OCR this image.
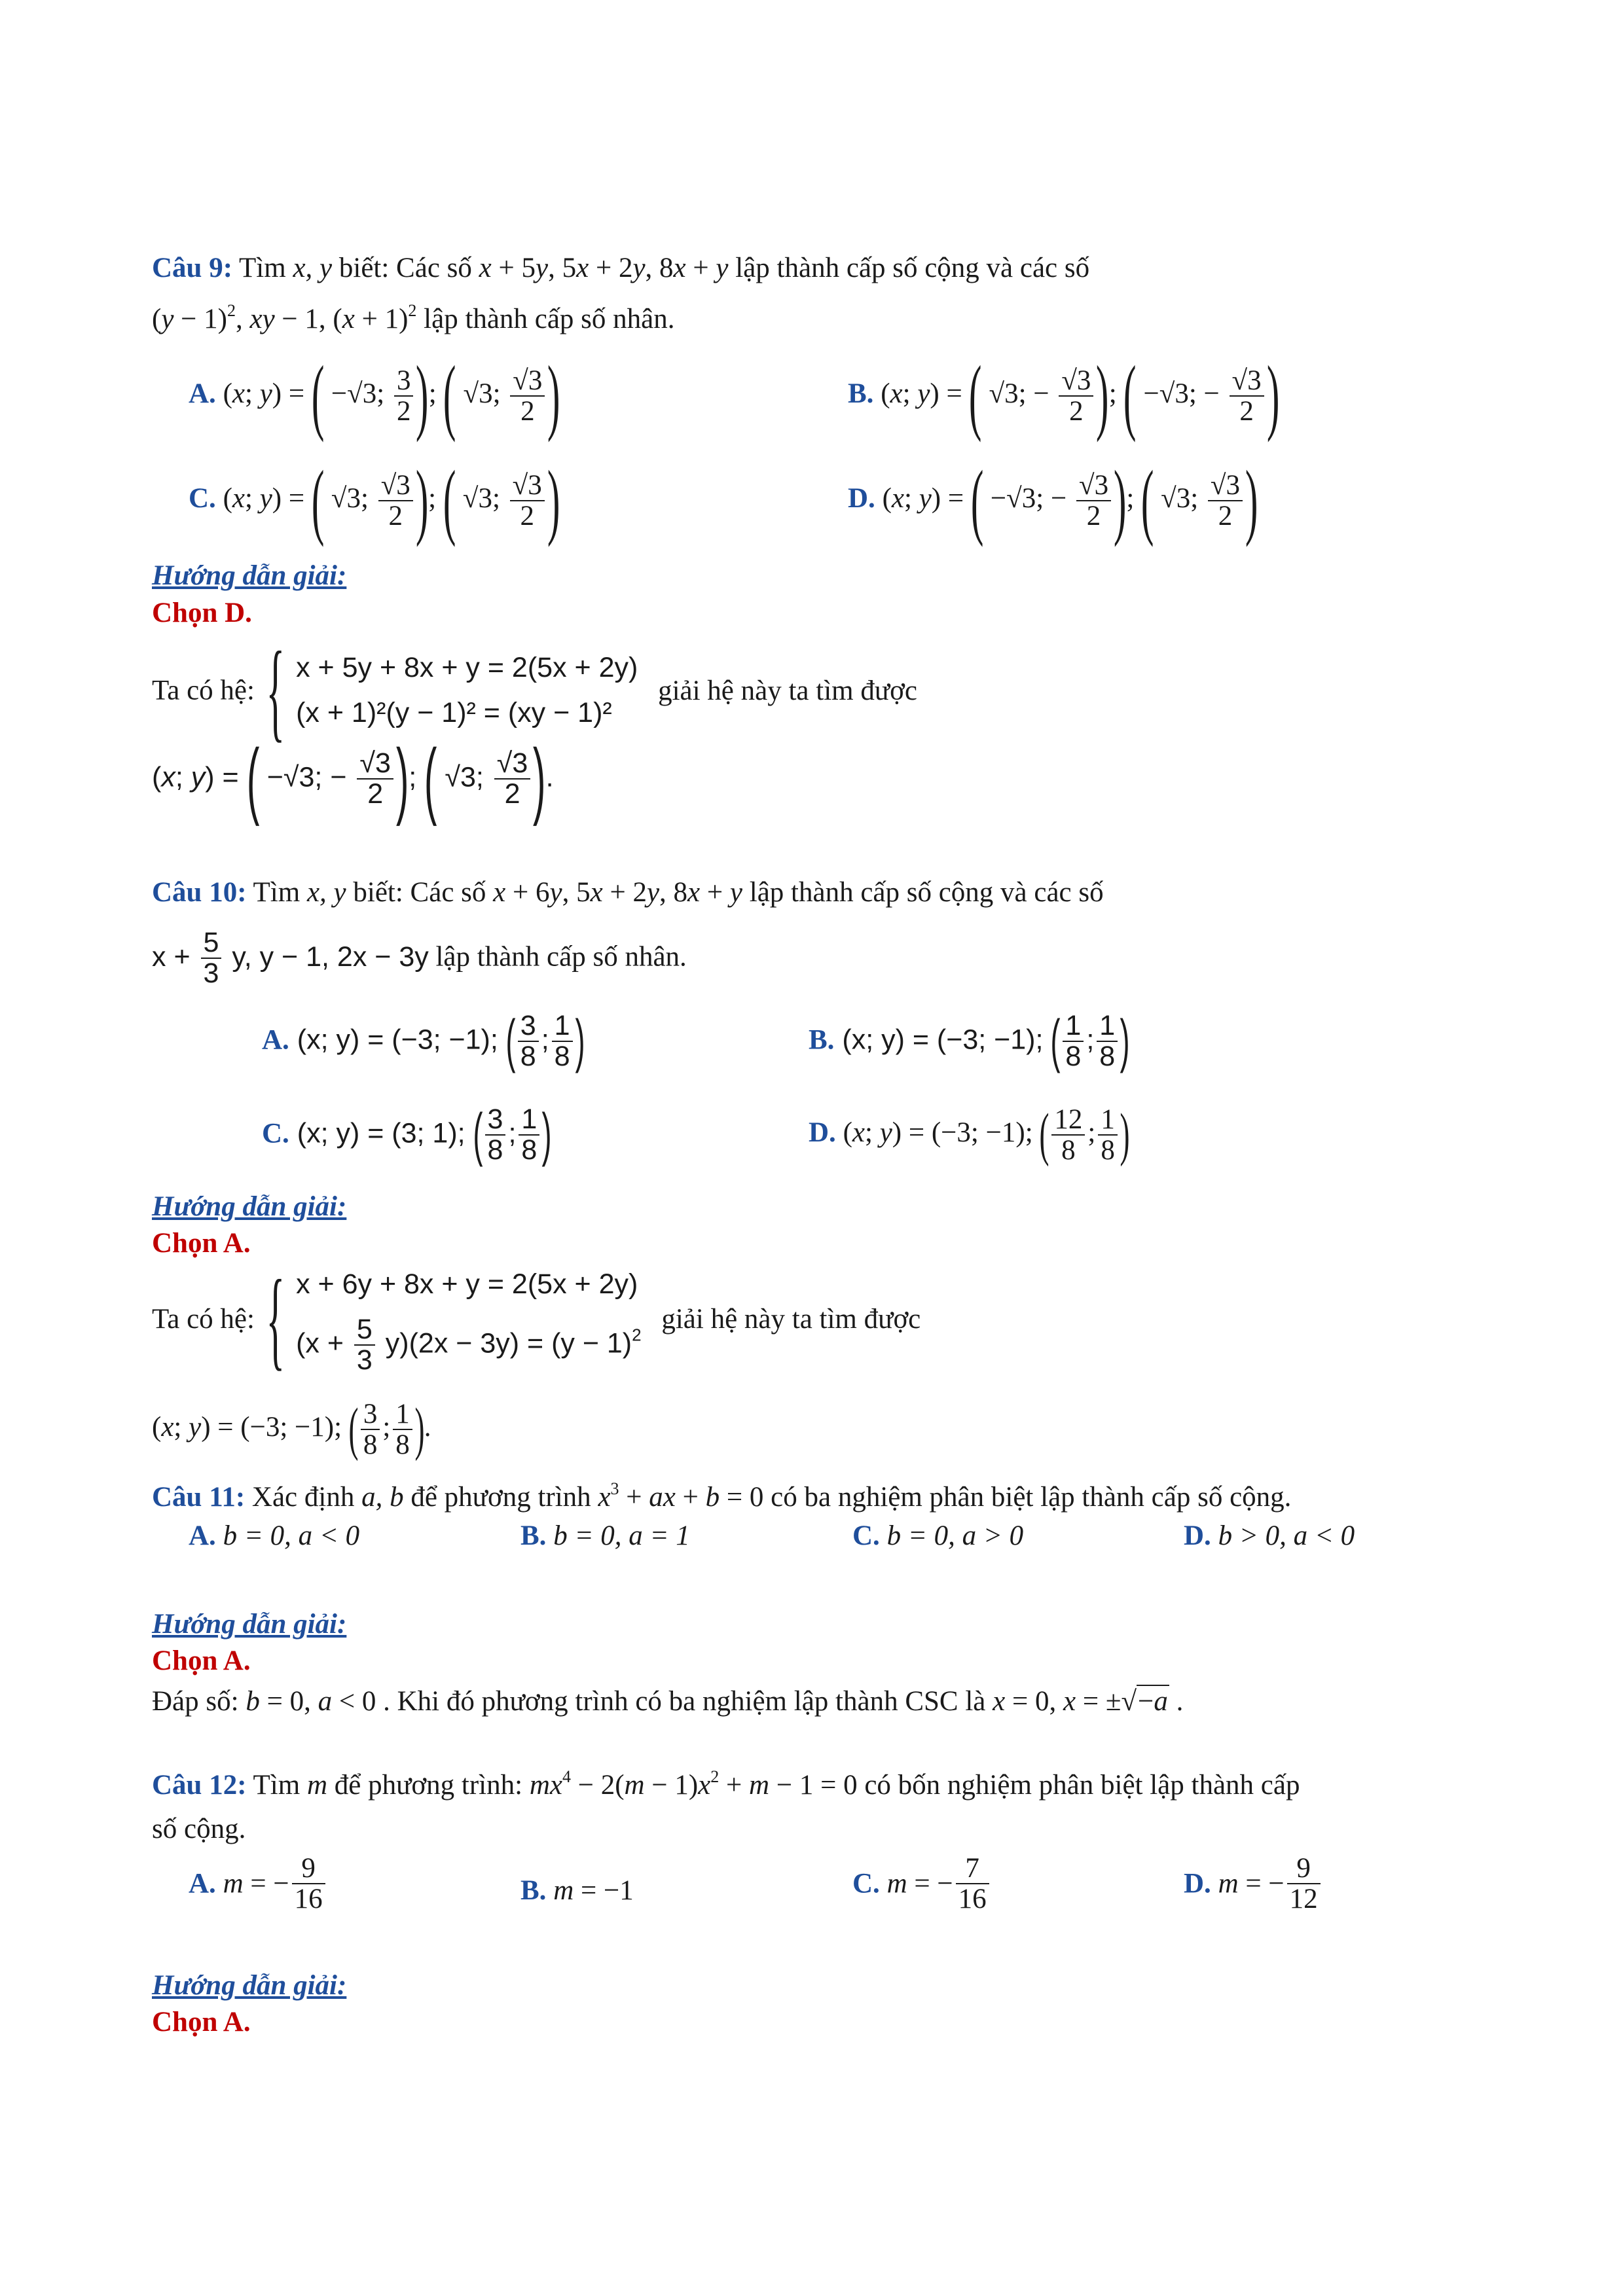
Câu 9: Tìm x, y biết: Các số x + 5y, 5x + 2y, 8x + y lập thành cấp số cộng và các số
$(y - 1)^2$, xy − 1, $(x + 1)^2$ lập thành cấp số nhân.
A. (x; y) = ( −√3; $\frac{3}{2}$ ); ( √3; $\frac{√3}{2}$ )	B. (x; y) = ( √3; − $\frac{√3}{2}$ ); ( −√3; − $\frac{√3}{2}$ )
C. (x; y) = ( √3; $\frac{√3}{2}$ ); ( √3; $\frac{√3}{2}$ )	D. (x; y) = ( −√3; − $\frac{√3}{2}$ ); ( √3; $\frac{√3}{2}$ )
Hướng dẫn giải:
Chọn D.
Ta có hệ: { x + 5y + 8x + y = 2(5x + 2y)
(x + 1)²(y − 1)² = (xy − 1)²
giải hệ này ta tìm được
(x; y) = ( −√3; − $\frac{√3}{2}$ ); ( √3; $\frac{√3}{2}$ ).
Câu 10: Tìm x, y biết: Các số x + 6y, 5x + 2y, 8x + y lập thành cấp số cộng và các số
$x + \frac{5}{3} y$, y − 1, 2x − 3y lập thành cấp số nhân.
A. (x; y) = (−3; −1); ( $\frac{3}{8}$ ; $\frac{1}{8}$ )	B. (x; y) = (−3; −1); ( $\frac{1}{8}$ ; $\frac{1}{8}$ )
C. (x; y) = (3; 1); ( $\frac{3}{8}$ ; $\frac{1}{8}$ )	D. (x; y) = (−3; −1); ( $\frac{12}{8}$ ; $\frac{1}{8}$ )
Hướng dẫn giải:
Chọn A.
Ta có hệ: { x + 6y + 8x + y = 2(5x + 2y)
$(x + \frac{5}{3} y)(2x - 3y) = (y - 1)^2$
giải hệ này ta tìm được
(x; y) = (−3; −1); ( $\frac{3}{8}$ ; $\frac{1}{8}$ ).
Câu 11: Xác định a, b để phương trình $x^3$ + ax + b = 0 có ba nghiệm phân biệt lập thành cấp số cộng.
A. b = 0, a < 0	B. b = 0, a = 1	C. b = 0, a > 0	D. b > 0, a < 0
Hướng dẫn giải:
Chọn A.
Đáp số: b = 0, a < 0 . Khi đó phương trình có ba nghiệm lập thành CSC là x = 0, x = ±√−a .
Câu 12: Tìm m để phương trình: $mx^4 - 2(m - 1)x^2 + m - 1 = 0$ có bốn nghiệm phân biệt lập thành cấp
số cộng.
A. m = − $\frac{9}{16}$	B. m = −1	C. m = − $\frac{7}{16}$	D. m = − $\frac{9}{12}$
Hướng dẫn giải:
Chọn A.
